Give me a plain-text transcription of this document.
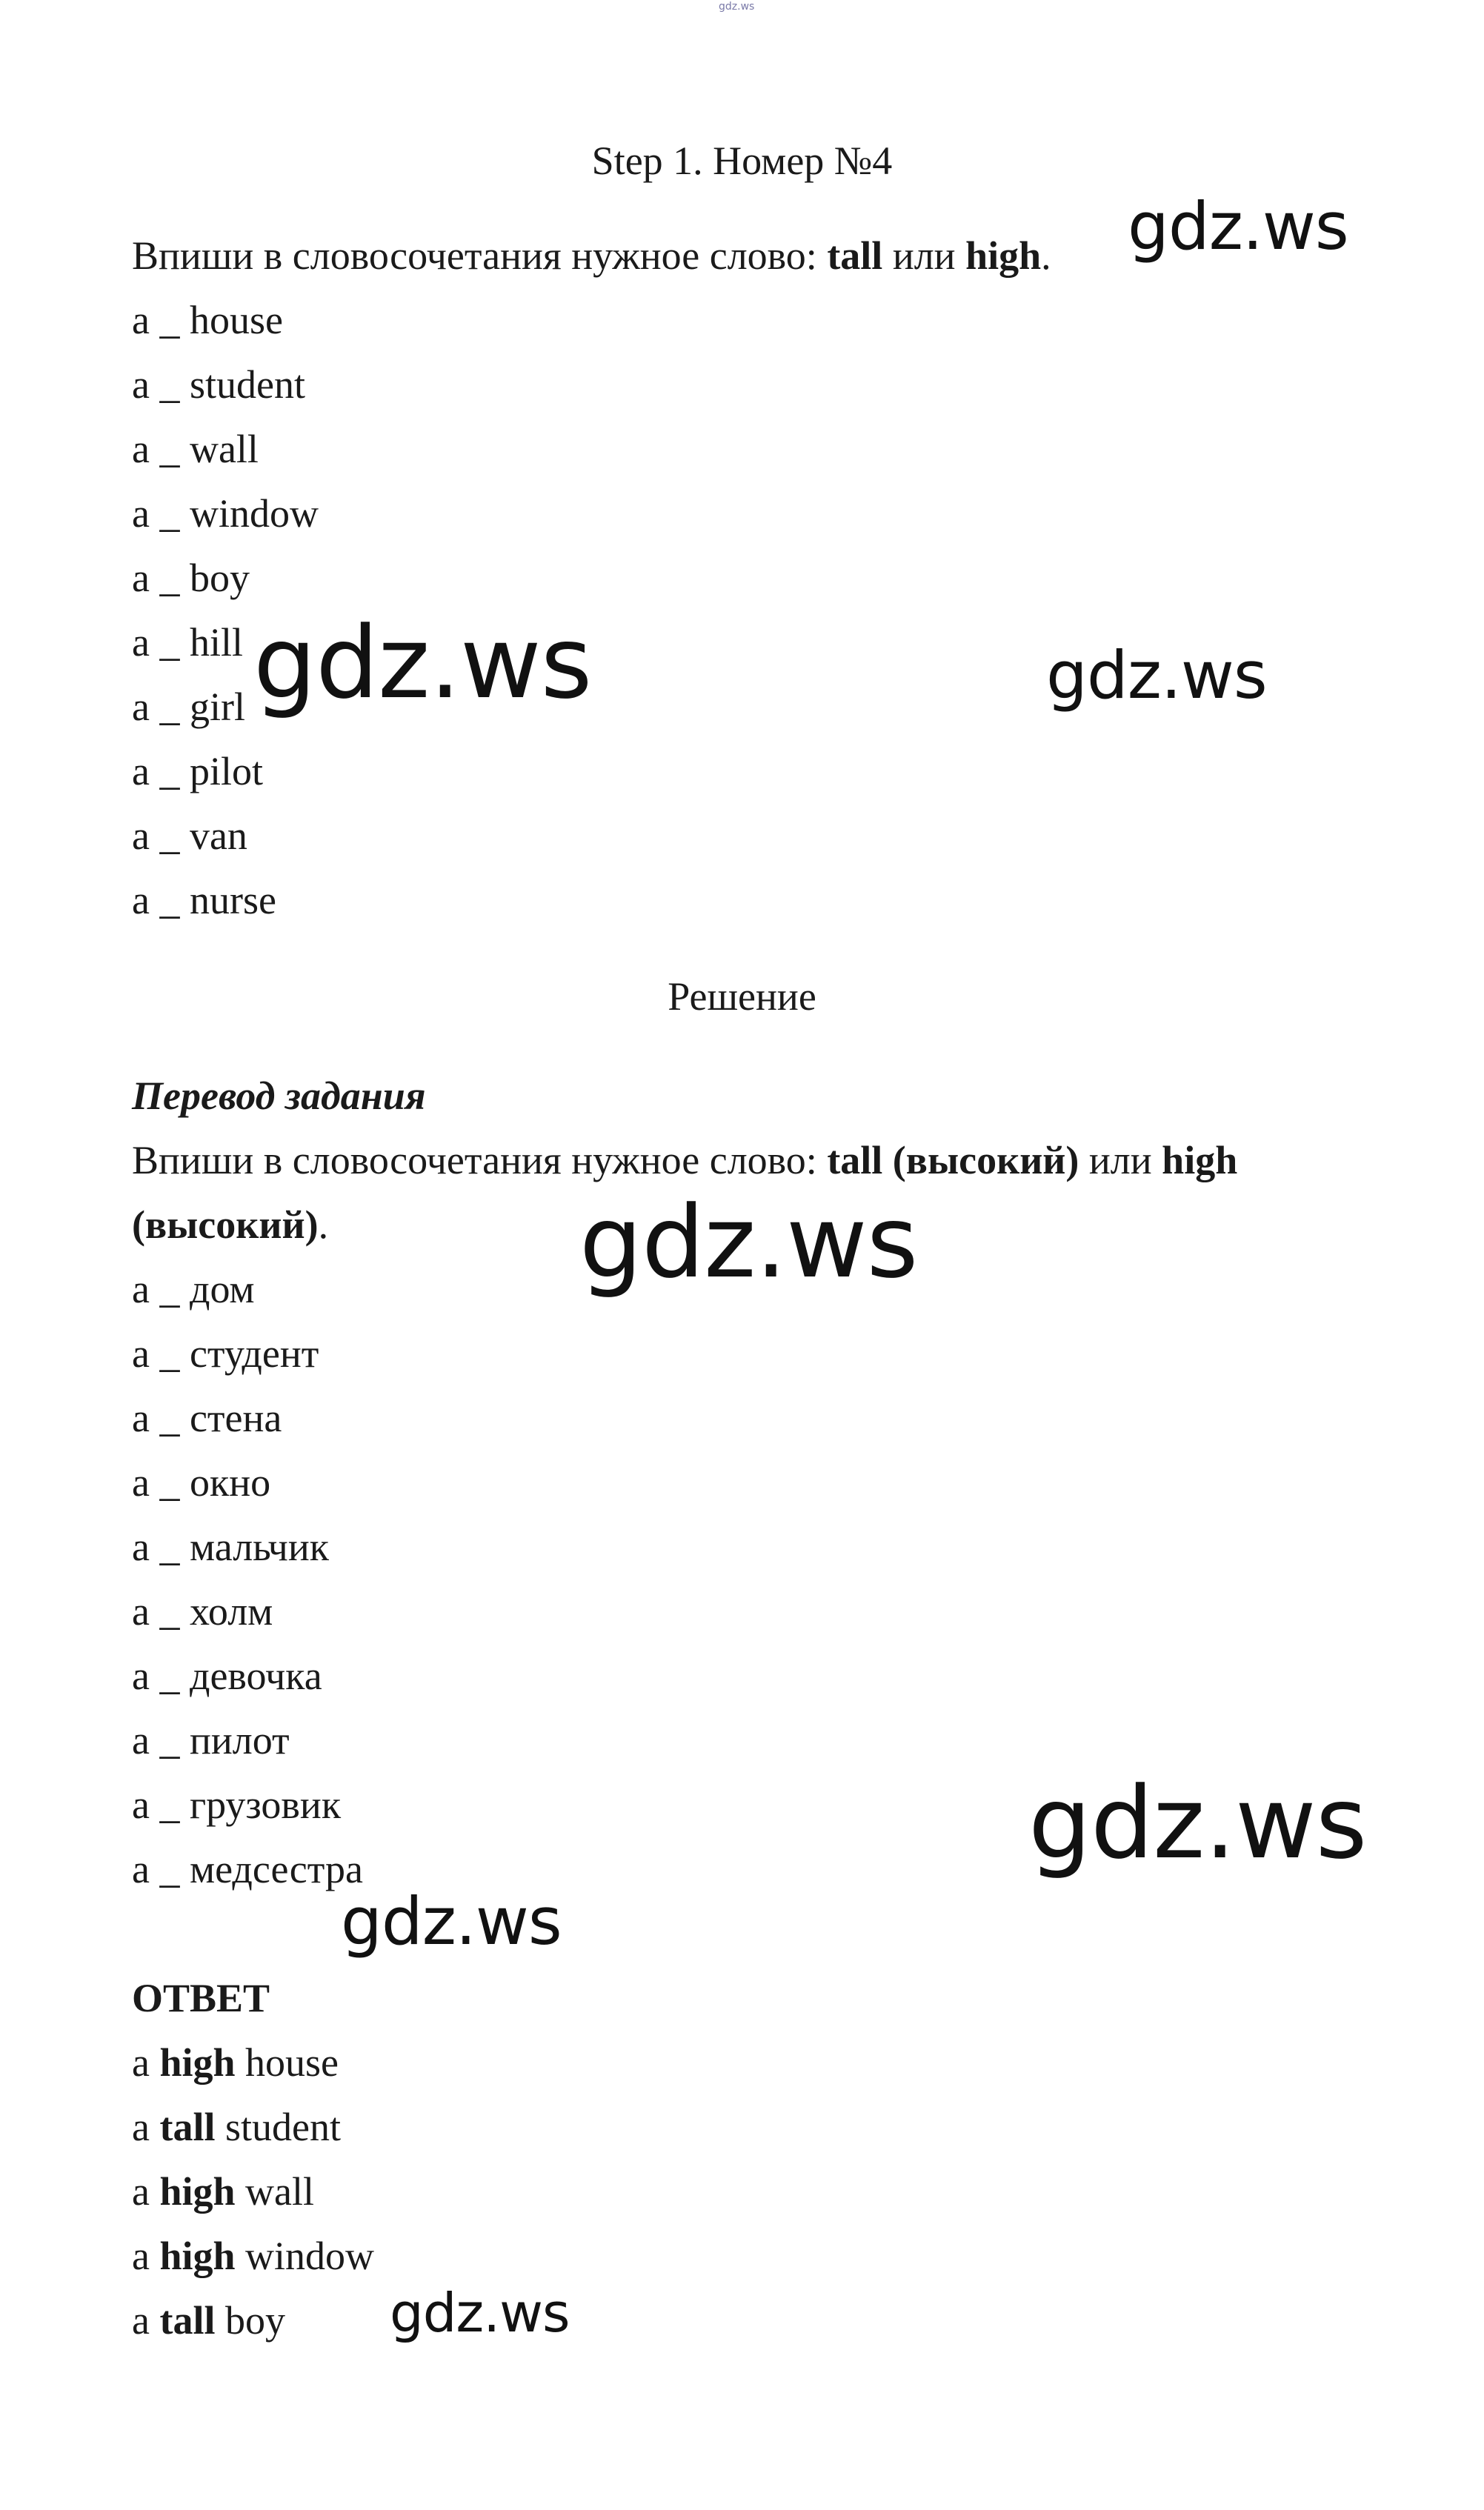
gdz.ws
Step 1. Номер №4
Впиши в словосочетания нужное слово: tall или high.
a _ house
a _ student
a _ wall
a _ window
a _ boy
a _ hill
a _ girl
a _ pilot
a _ van
a _ nurse
Решение
Перевод задания
Впиши в словосочетания нужное слово: tall (высокий) или high
(высокий).
a _ дом
a _ студент
a _ стена
a _ окно
a _ мальчик
a _ холм
a _ девочка
a _ пилот
a _ грузовик
a _ медсестра
ОТВЕТ
a high house
a tall student
a high wall
a high window
a tall boy
gdz.ws
gdz.ws	gdz.ws
gdz.ws
gdz.ws
gdz.ws
gdz.ws
